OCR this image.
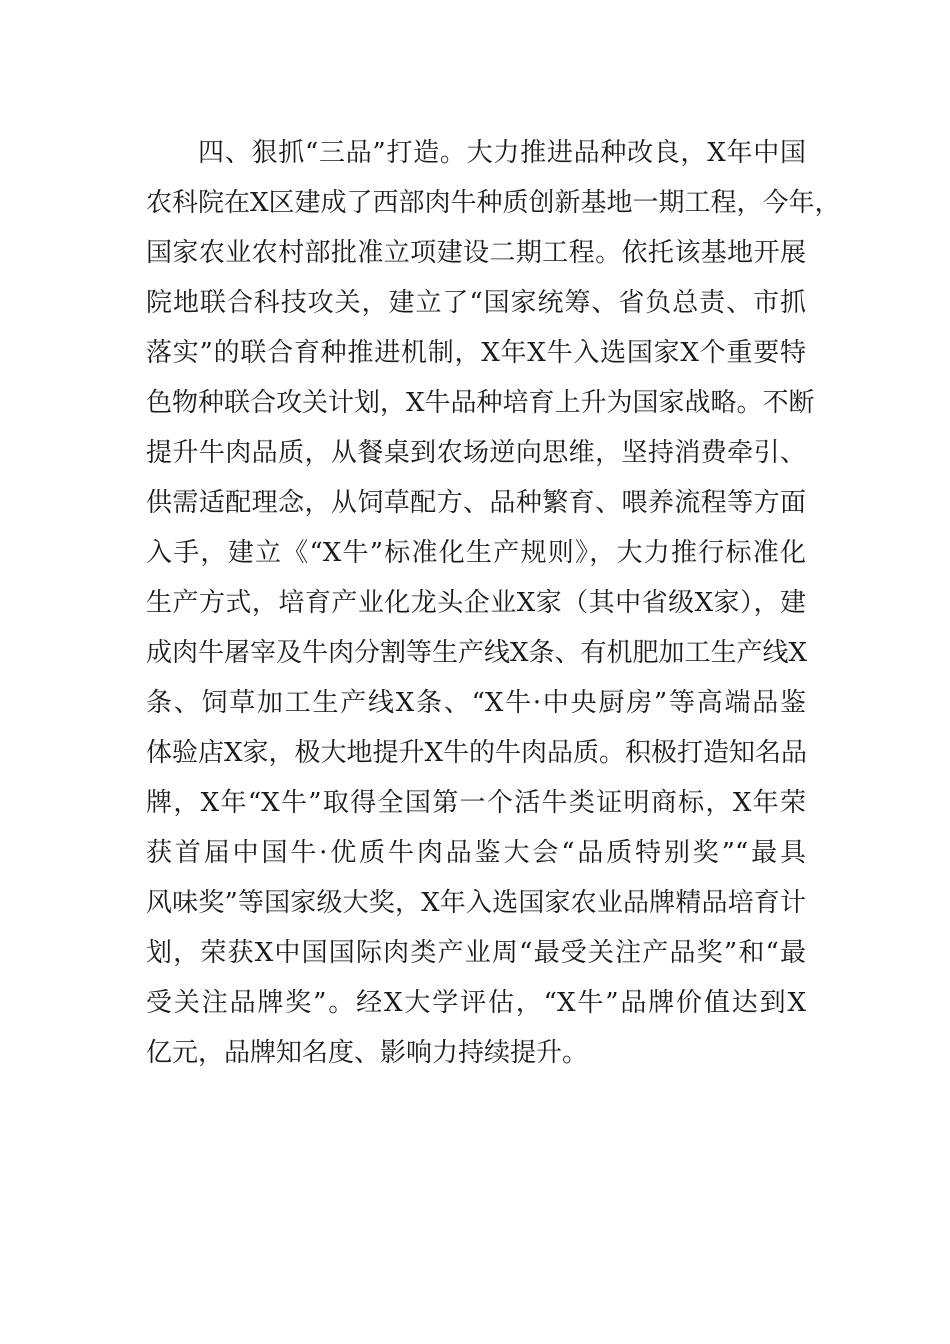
四、狠抓“三品”打造。大力推进品种改良，X年中国
农科院在X区建成了西部肉牛种质创新基地一期工程，今年，
国家农业农村部批准立项建设二期工程。依托该基地开展
院地联合科技攻关，建立了“国家统筹、省负总责、市抓
落实”的联合育种推进机制，X年X牛入选国家X个重要特
色物种联合攻关计划，X牛品种培育上升为国家战略。不断
提升牛肉品质，从餐桌到农场逆向思维，坚持消费牵引、
供需适配理念，从饲草配方、品种繁育、喂养流程等方面
入手，建立《“X牛”标准化生产规则》，大力推行标准化
生产方式，培育产业化龙头企业X家（其中省级X家），建
成肉牛屠宰及牛肉分割等生产线X条、有机肥加工生产线X
条、饲草加工生产线X条、“X牛·中央厨房”等高端品鉴
体验店X家，极大地提升X牛的牛肉品质。积极打造知名品
牌，X年“X牛”取得全国第一个活牛类证明商标，X年荣
获首届中国牛·优质牛肉品鉴大会“品质特别奖”“最具
风味奖”等国家级大奖，X年入选国家农业品牌精品培育计
划，荣获X中国国际肉类产业周“最受关注产品奖”和“最
受关注品牌奖”。经X大学评估，“X牛”品牌价值达到X
亿元，品牌知名度、影响力持续提升。
